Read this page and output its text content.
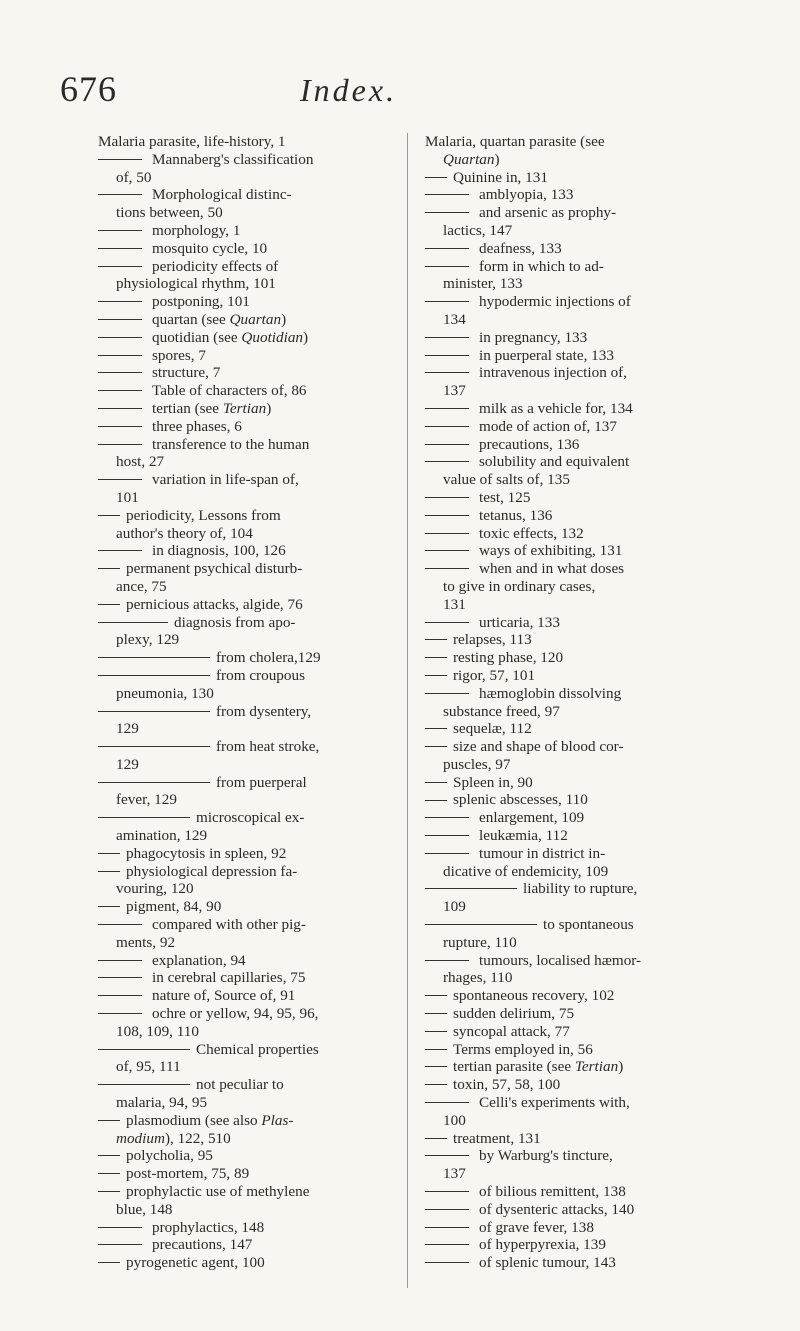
676	Index.
Malaria parasite, life-history, 1
Mannaberg's classification
of, 50
Morphological distinc-
tions between, 50
morphology, 1
mosquito cycle, 10
periodicity effects of
physiological rhythm, 101
postponing, 101
quartan (see Quartan)
quotidian (see Quotidian)
spores, 7
structure, 7
Table of characters of, 86
tertian (see Tertian)
three phases, 6
transference to the human
host, 27
variation in life-span of,
101
periodicity, Lessons from
author's theory of, 104
in diagnosis, 100, 126
permanent psychical disturb-
ance, 75
pernicious attacks, algide, 76
diagnosis from apo-
plexy, 129
from cholera,129
from croupous
pneumonia, 130
from dysentery,
129
from heat stroke,
129
from puerperal
fever, 129
microscopical ex-
amination, 129
phagocytosis in spleen, 92
physiological depression fa-
vouring, 120
pigment, 84, 90
compared with other pig-
ments, 92
explanation, 94
in cerebral capillaries, 75
nature of, Source of, 91
ochre or yellow, 94, 95, 96,
108, 109, 110
Chemical properties
of, 95, 111
not peculiar to
malaria, 94, 95
plasmodium (see also Plas-
modium), 122, 510
polycholia, 95
post-mortem, 75, 89
prophylactic use of methylene
blue, 148
prophylactics, 148
precautions, 147
pyrogenetic agent, 100
Malaria, quartan parasite (see
Quartan)
Quinine in, 131
amblyopia, 133
and arsenic as prophy-
lactics, 147
deafness, 133
form in which to ad-
minister, 133
hypodermic injections of
134
in pregnancy, 133
in puerperal state, 133
intravenous injection of,
137
milk as a vehicle for, 134
mode of action of, 137
precautions, 136
solubility and equivalent
value of salts of, 135
test, 125
tetanus, 136
toxic effects, 132
ways of exhibiting, 131
when and in what doses
to give in ordinary cases,
131
urticaria, 133
relapses, 113
resting phase, 120
rigor, 57, 101
hæmoglobin dissolving
substance freed, 97
sequelæ, 112
size and shape of blood cor-
puscles, 97
Spleen in, 90
splenic abscesses, 110
enlargement, 109
leukæmia, 112
tumour in district in-
dicative of endemicity, 109
liability to rupture,
109
to spontaneous
rupture, 110
tumours, localised hæmor-
rhages, 110
spontaneous recovery, 102
sudden delirium, 75
syncopal attack, 77
Terms employed in, 56
tertian parasite (see Tertian)
toxin, 57, 58, 100
Celli's experiments with,
100
treatment, 131
by Warburg's tincture,
137
of bilious remittent, 138
of dysenteric attacks, 140
of grave fever, 138
of hyperpyrexia, 139
of splenic tumour, 143
